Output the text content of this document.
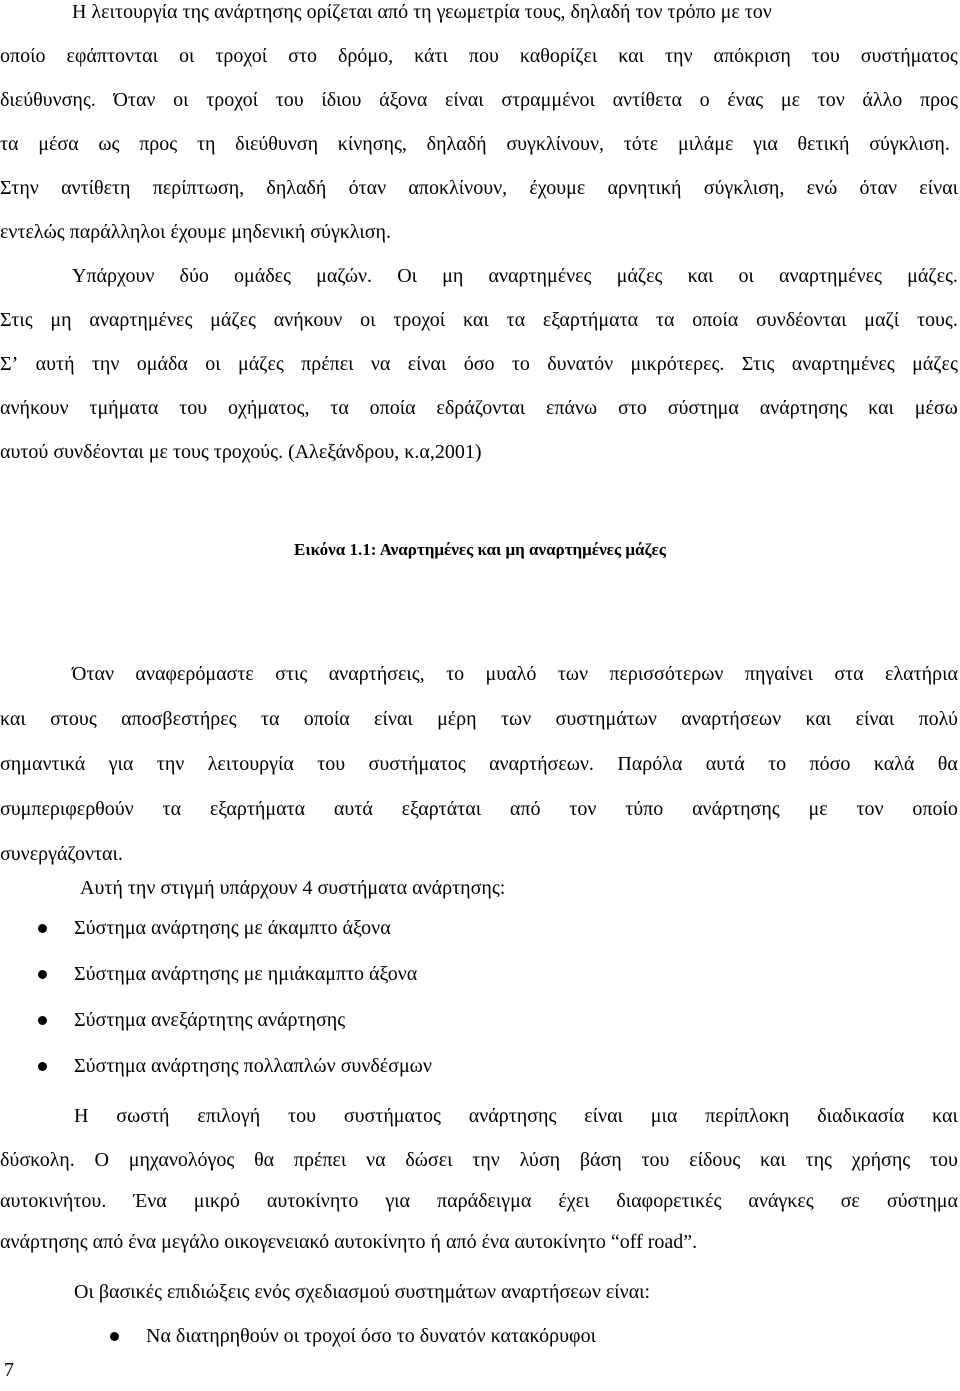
Η λειτουργία της ανάρτησης ορίζεται από τη γεωμετρία τους, δηλαδή τον τρόπο με τον
οποίο εφάπτονται οι τροχοί στο δρόμο, κάτι που καθορίζει και την απόκριση του συστήματος
διεύθυνσης. Όταν οι τροχοί του ίδιου άξονα είναι στραμμένοι αντίθετα ο ένας με τον άλλο προς
τα μέσα ως προς τη διεύθυνση κίνησης, δηλαδή συγκλίνουν, τότε μιλάμε για θετική σύγκλιση.
Στην αντίθετη περίπτωση, δηλαδή όταν αποκλίνουν, έχουμε αρνητική σύγκλιση, ενώ όταν είναι
εντελώς παράλληλοι έχουμε μηδενική σύγκλιση.
Υπάρχουν δύο ομάδες μαζών. Οι μη αναρτημένες μάζες και οι αναρτημένες μάζες.
Στις μη αναρτημένες μάζες ανήκουν οι τροχοί και τα εξαρτήματα τα οποία συνδέονται μαζί τους.
Σ’ αυτή την ομάδα οι μάζες πρέπει να είναι όσο το δυνατόν μικρότερες. Στις αναρτημένες μάζες
ανήκουν τμήματα του οχήματος, τα οποία εδράζονται επάνω στο σύστημα ανάρτησης και μέσω
αυτού συνδέονται με τους τροχούς. (Αλεξάνδρου, κ.α,2001)
Εικόνα 1.1: Αναρτημένες και μη αναρτημένες μάζες
Όταν αναφερόμαστε στις αναρτήσεις, το μυαλό των περισσότερων πηγαίνει στα ελατήρια
και στους αποσβεστήρες τα οποία είναι μέρη των συστημάτων αναρτήσεων και είναι πολύ
σημαντικά για την λειτουργία του συστήματος αναρτήσεων. Παρόλα αυτά το πόσο καλά θα
συμπεριφερθούν τα εξαρτήματα αυτά εξαρτάται από τον τύπο ανάρτησης με τον οποίο
συνεργάζονται.
Αυτή την στιγμή υπάρχουν 4 συστήματα ανάρτησης:
Σύστημα ανάρτησης με άκαμπτο άξονα
Σύστημα ανάρτησης με ημιάκαμπτο άξονα
Σύστημα ανεξάρτητης ανάρτησης
Σύστημα ανάρτησης πολλαπλών συνδέσμων
Η σωστή επιλογή του συστήματος ανάρτησης είναι μια περίπλοκη διαδικασία και
δύσκολη. Ο μηχανολόγος θα πρέπει να δώσει την λύση βάση του είδους και της χρήσης του
αυτοκινήτου. Ένα μικρό αυτοκίνητο για παράδειγμα έχει διαφορετικές ανάγκες σε σύστημα
ανάρτησης από ένα μεγάλο οικογενειακό αυτοκίνητο ή από ένα αυτοκίνητο “off road”.
Οι βασικές επιδιώξεις ενός σχεδιασμού συστημάτων αναρτήσεων είναι:
Να διατηρηθούν οι τροχοί όσο το δυνατόν κατακόρυφοι
7
